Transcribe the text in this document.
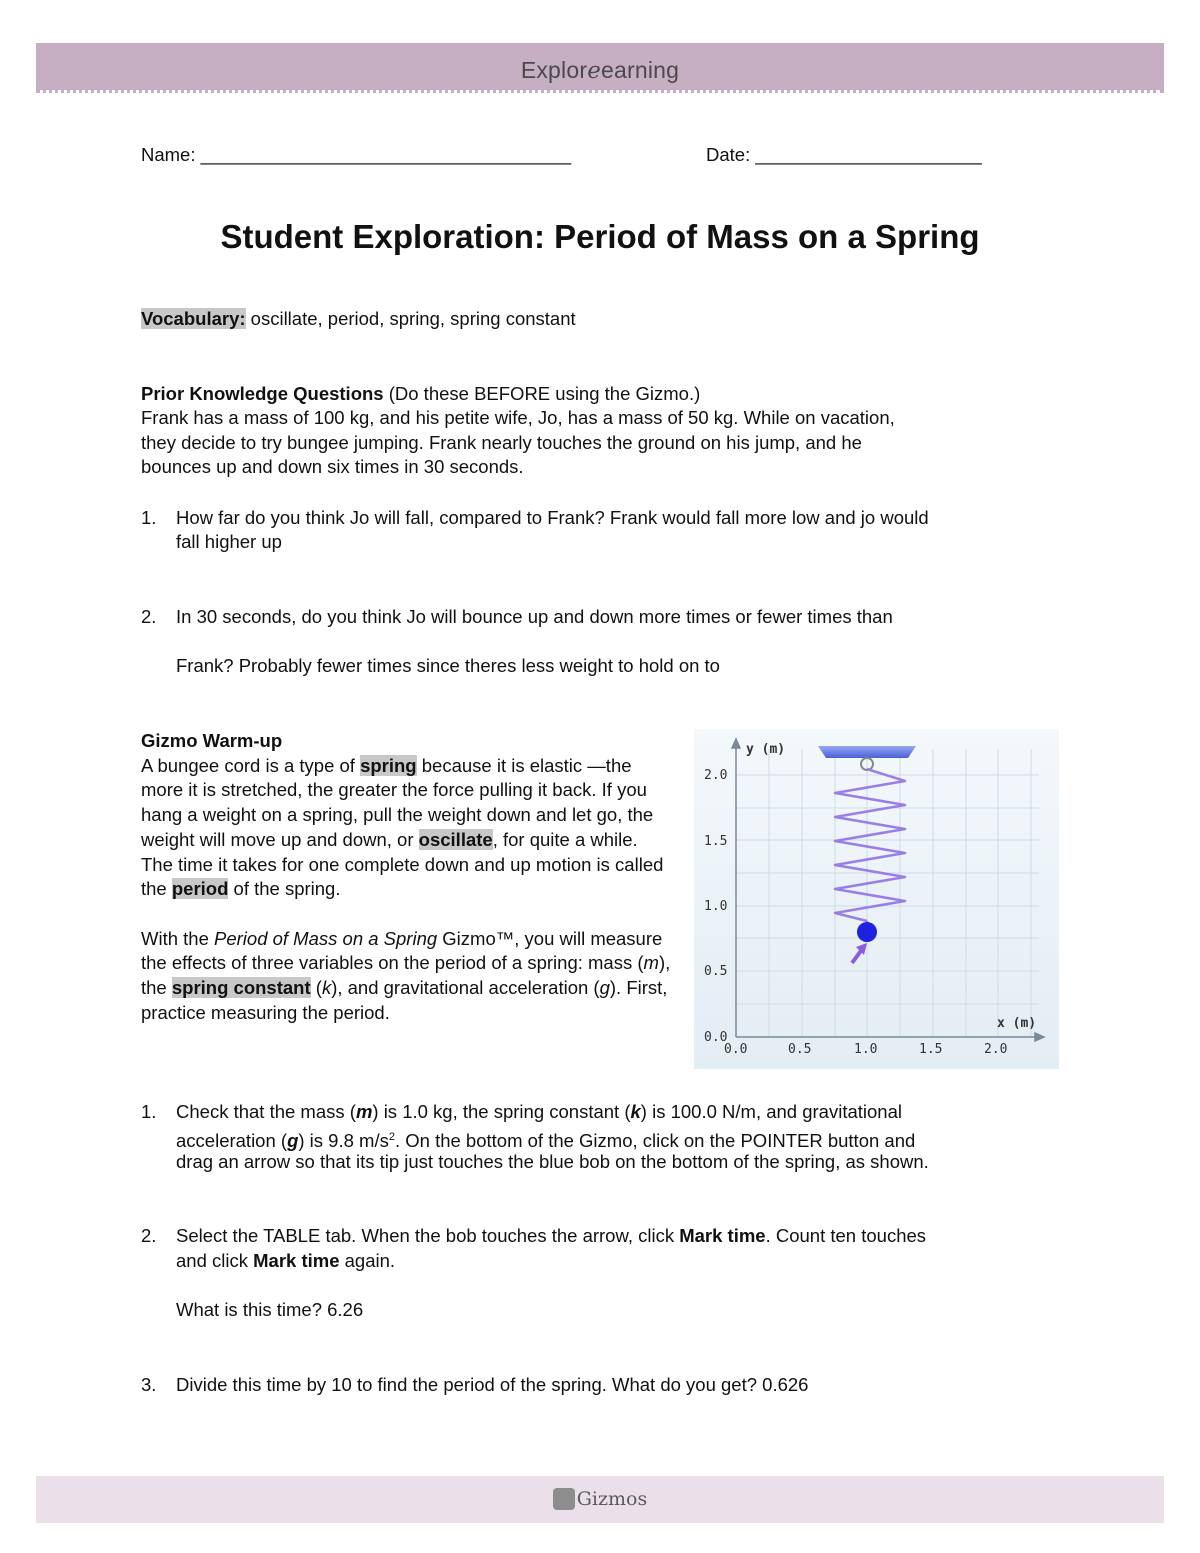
Exploreearning
Name: ____________________________________	Date: ______________________
Student Exploration: Period of Mass on a Spring
Vocabulary: oscillate, period, spring, spring constant
Prior Knowledge Questions (Do these BEFORE using the Gizmo.)
Frank has a mass of 100 kg, and his petite wife, Jo, has a mass of 50 kg. While on vacation,
they decide to try bungee jumping. Frank nearly touches the ground on his jump, and he
bounces up and down six times in 30 seconds.
1. How far do you think Jo will fall, compared to Frank? Frank would fall more low and jo would
fall higher up
2. In 30 seconds, do you think Jo will bounce up and down more times or fewer times than
Frank? Probably fewer times since theres less weight to hold on to
Gizmo Warm-up
A bungee cord is a type of spring because it is elastic —the more it is stretched, the greater the force pulling it back. If you hang a weight on a spring, pull the weight down and let go, the weight will move up and down, or oscillate, for quite a while. The time it takes for one complete down and up motion is called the period of the spring.
With the Period of Mass on a Spring Gizmo™, you will measure the effects of three variables on the period of a spring: mass (m), the spring constant (k), and gravitational acceleration (g). First, practice measuring the period.
y (m)
x (m)
2.0
1.5
1.0
0.5
0.0
0.0	0.5	1.0	1.5	2.0
1. Check that the mass (m) is 1.0 kg, the spring constant (k) is 100.0 N/m, and gravitational
acceleration (g) is 9.8 $m/s^2$. On the bottom of the Gizmo, click on the POINTER button and
drag an arrow so that its tip just touches the blue bob on the bottom of the spring, as shown.
2. Select the TABLE tab. When the bob touches the arrow, click Mark time. Count ten touches
and click Mark time again.
What is this time? 6.26
3. Divide this time by 10 to find the period of the spring. What do you get? 0.626
Gizmos
